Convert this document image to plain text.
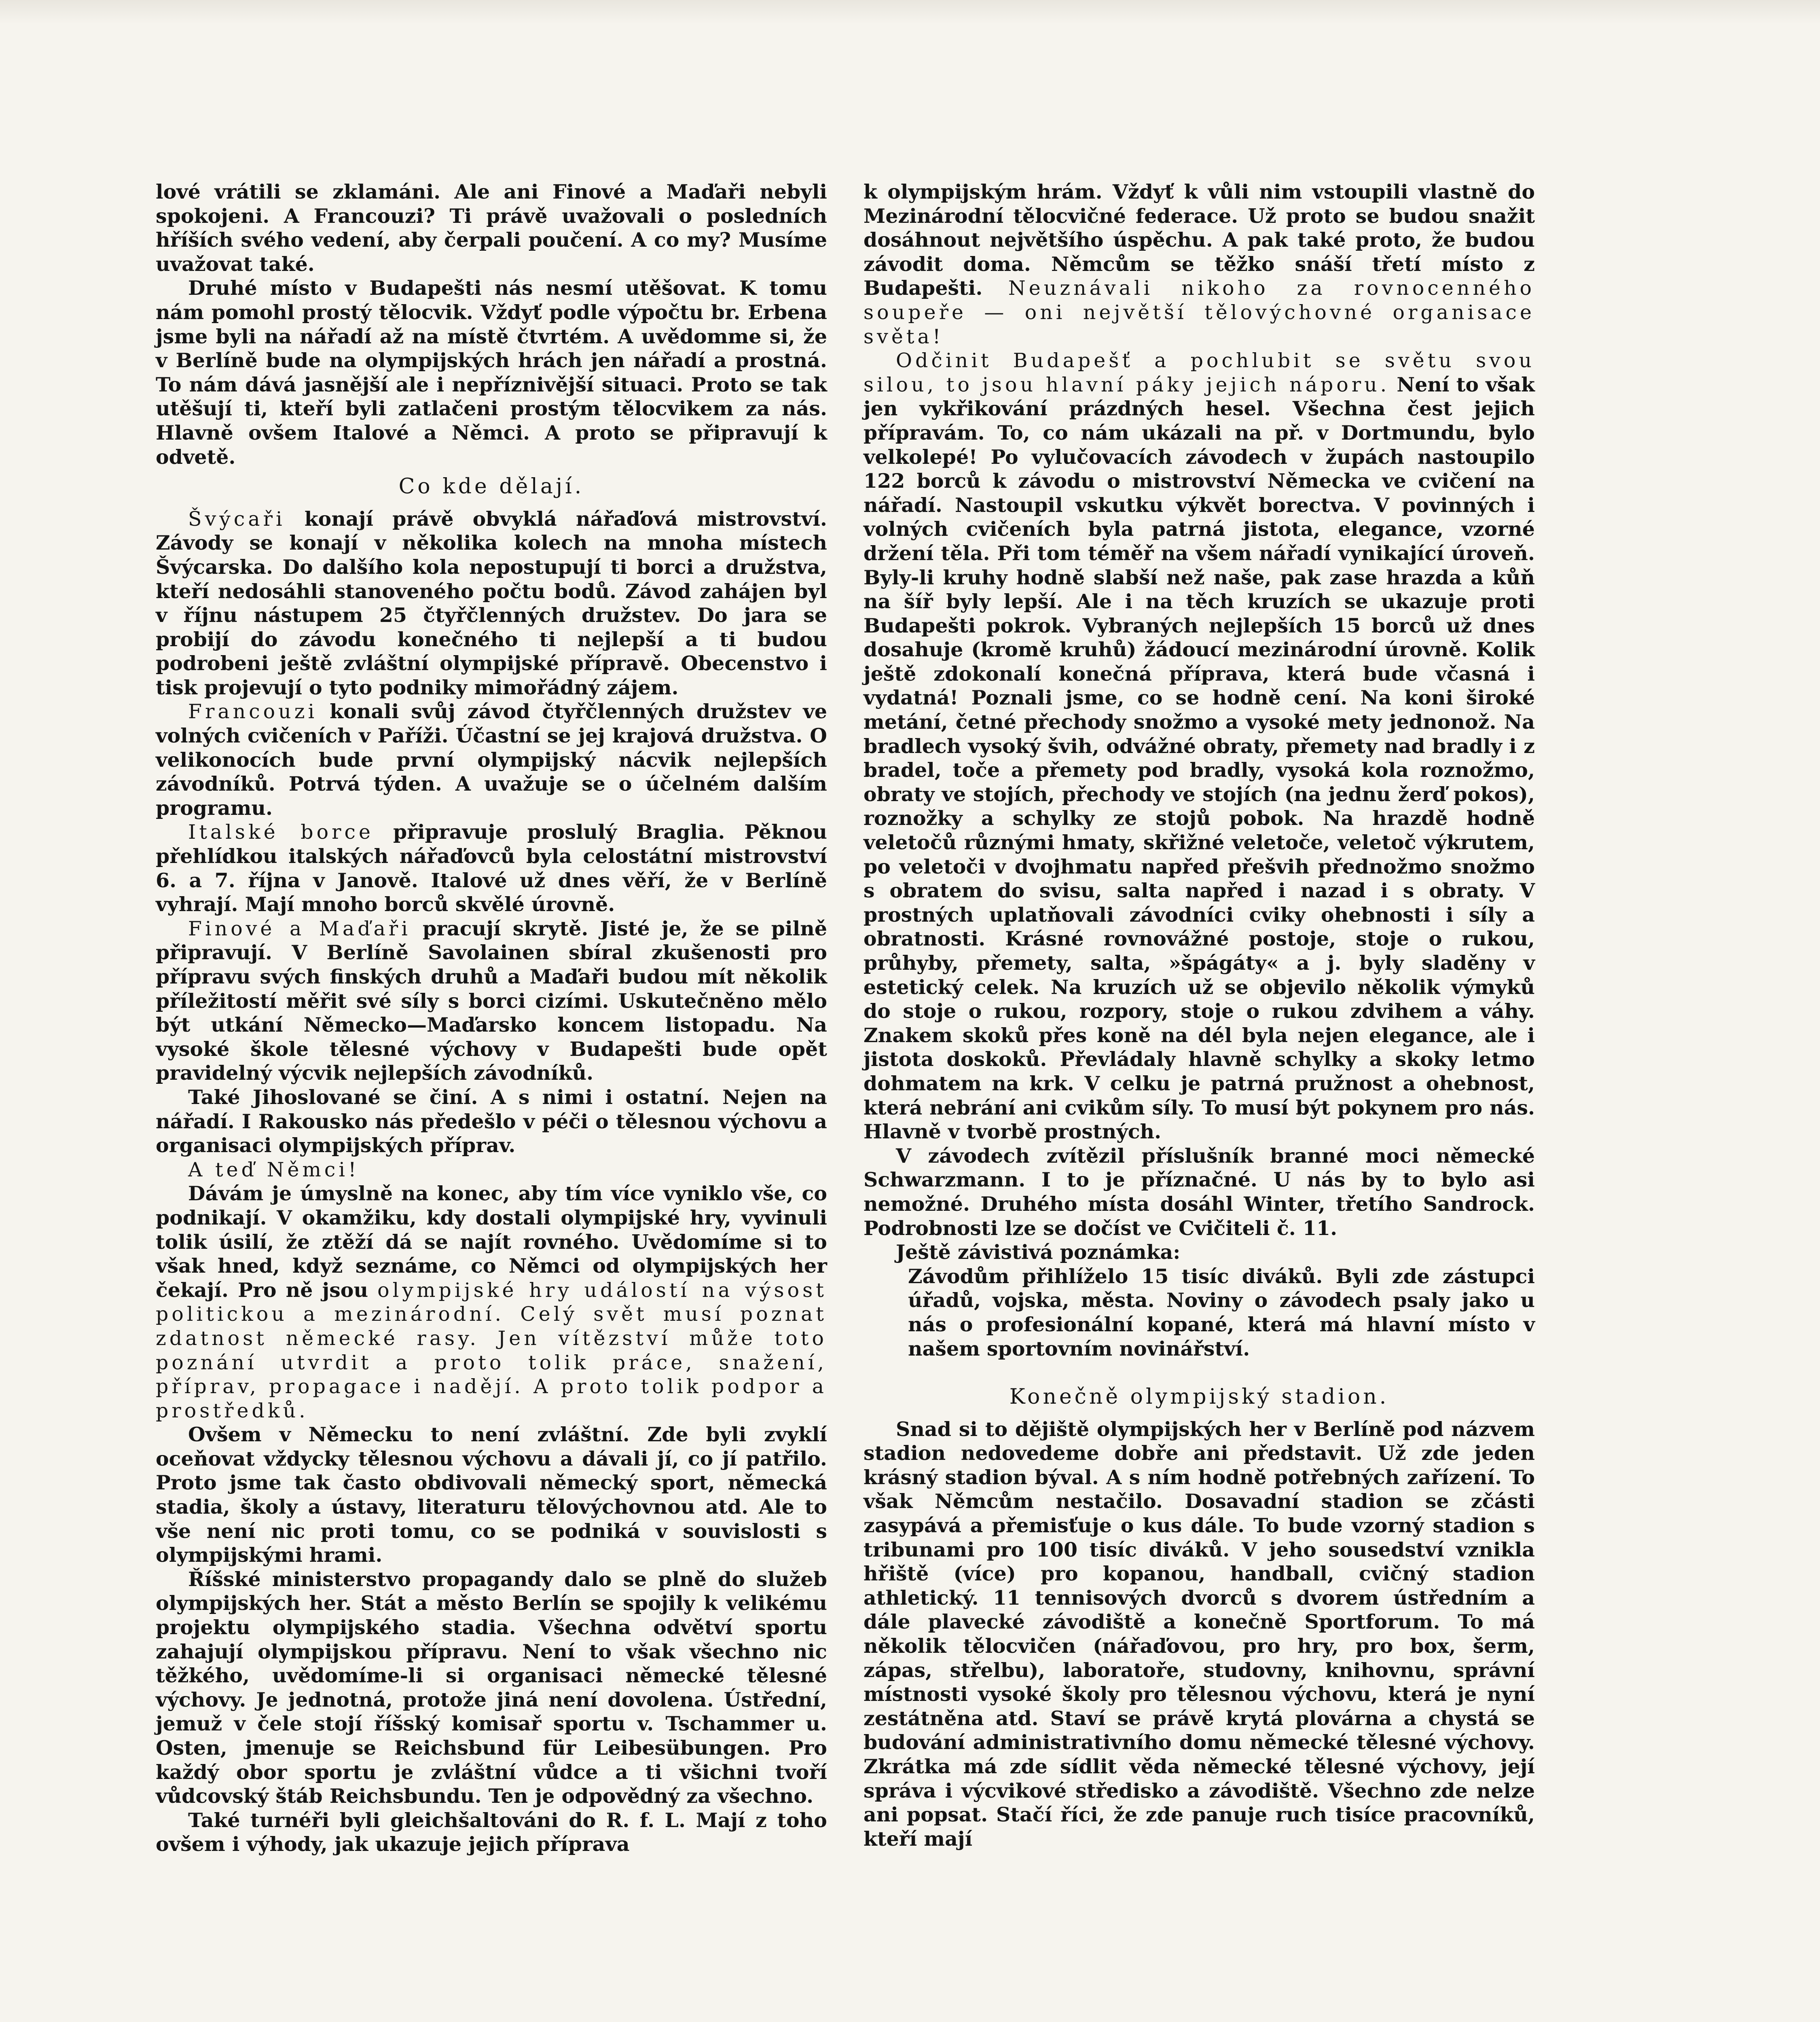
lové vrátili se zklamáni. Ale ani Finové a Maďaři nebyli spokojeni. A Francouzi? Ti právě uvažovali o posledních hříších svého vedení, aby čerpali poučení. A co my? Musíme uvažovat také.

Druhé místo v Budapešti nás nesmí utěšovat. K tomu nám pomohl prostý tělocvik. Vždyť podle výpočtu br. Erbena jsme byli na nářadí až na místě čtvrtém. A uvědomme si, že v Berlíně bude na olympijských hrách jen nářadí a prostná. To nám dává jasnější ale i nepříznivější situaci. Proto se tak utěšují ti, kteří byli zatlačeni prostým tělocvikem za nás. Hlavně ovšem Italové a Němci. A proto se připravují k odvetě.

Co kde dělají.

Švýcaři konají právě obvyklá nářaďová mistrovství. Závody se konají v několika kolech na mnoha místech Švýcarska. Do dalšího kola nepostupují ti borci a družstva, kteří nedosáhli stanoveného počtu bodů. Závod zahájen byl v říjnu nástupem 25 čtyřčlenných družstev. Do jara se probijí do závodu konečného ti nejlepší a ti budou podrobeni ještě zvláštní olympijské přípravě. Obecenstvo i tisk projevují o tyto podniky mimořádný zájem.

Francouzi konali svůj závod čtyřčlenných družstev ve volných cvičeních v Paříži. Účastní se jej krajová družstva. O velikonocích bude první olympijský nácvik nejlepších závodníků. Potrvá týden. A uvažuje se o účelném dalším programu.

Italské borce připravuje proslulý Braglia. Pěknou přehlídkou italských nářaďovců byla celostátní mistrovství 6. a 7. října v Janově. Italové už dnes věří, že v Berlíně vyhrají. Mají mnoho borců skvělé úrovně.

Finové a Maďaři pracují skrytě. Jisté je, že se pilně připravují. V Berlíně Savolainen sbíral zkušenosti pro přípravu svých finských druhů a Maďaři budou mít několik příležitostí měřit své síly s borci cizími. Uskutečněno mělo být utkání Německo—Maďarsko koncem listopadu. Na vysoké škole tělesné výchovy v Budapešti bude opět pravidelný výcvik nejlepších závodníků.

Také Jihoslované se činí. A s nimi i ostatní. Nejen na nářadí. I Rakousko nás předešlo v péči o tělesnou výchovu a organisaci olympijských příprav.

A teď Němci!

Dávám je úmyslně na konec, aby tím více vyniklo vše, co podnikají. V okamžiku, kdy dostali olympijské hry, vyvinuli tolik úsilí, že ztěží dá se najít rovného. Uvědomíme si to však hned, když seznáme, co Němci od olympijských her čekají. Pro ně jsou olympijské hry událostí na výsost politickou a mezinárodní. Celý svět musí poznat zdatnost německé rasy. Jen vítězství může toto poznání utvrdit a proto tolik práce, snažení, příprav, propagace i nadějí. A proto tolik podpor a prostředků.

Ovšem v Německu to není zvláštní. Zde byli zvyklí oceňovat vždycky tělesnou výchovu a dávali jí, co jí patřilo. Proto jsme tak často obdivovali německý sport, německá stadia, školy a ústavy, literaturu tělovýchovnou atd. Ale to vše není nic proti tomu, co se podniká v souvislosti s olympijskými hrami.

Říšské ministerstvo propagandy dalo se plně do služeb olympijských her. Stát a město Berlín se spojily k velikému projektu olympijského stadia. Všechna odvětví sportu zahajují olympijskou přípravu. Není to však všechno nic těžkého, uvědomíme-li si organisaci německé tělesné výchovy. Je jednotná, protože jiná není dovolena. Ústřední, jemuž v čele stojí říšský komisař sportu v. Tschammer u. Osten, jmenuje se Reichsbund für Leibesübungen. Pro každý obor sportu je zvláštní vůdce a ti všichni tvoří vůdcovský štáb Reichsbundu. Ten je odpovědný za všechno.

Také turnéři byli gleichšaltováni do R. f. L. Mají z toho ovšem i výhody, jak ukazuje jejich příprava

k olympijským hrám. Vždyť k vůli nim vstoupili vlastně do Mezinárodní tělocvičné federace. Už proto se budou snažit dosáhnout největšího úspěchu. A pak také proto, že budou závodit doma. Němcům se těžko snáší třetí místo z Budapešti. Neuznávali nikoho za rovnocenného soupeře — oni největší tělovýchovné organisace světa!

Odčinit Budapešť a pochlubit se světu svou silou, to jsou hlavní páky jejich náporu. Není to však jen vykřikování prázdných hesel. Všechna čest jejich přípravám. To, co nám ukázali na př. v Dortmundu, bylo velkolepé! Po vylučovacích závodech v župách nastoupilo 122 borců k závodu o mistrovství Německa ve cvičení na nářadí. Nastoupil vskutku výkvět borectva. V povinných i volných cvičeních byla patrná jistota, elegance, vzorné držení těla. Při tom téměř na všem nářadí vynikající úroveň. Byly-li kruhy hodně slabší než naše, pak zase hrazda a kůň na šíř byly lepší. Ale i na těch kruzích se ukazuje proti Budapešti pokrok. Vybraných nejlepších 15 borců už dnes dosahuje (kromě kruhů) žádoucí mezinárodní úrovně. Kolik ještě zdokonalí konečná příprava, která bude včasná i vydatná! Poznali jsme, co se hodně cení. Na koni široké metání, četné přechody snožmo a vysoké mety jednonož. Na bradlech vysoký švih, odvážné obraty, přemety nad bradly i z bradel, toče a přemety pod bradly, vysoká kola roznožmo, obraty ve stojích, přechody ve stojích (na jednu žerď pokos), roznožky a schylky ze stojů pobok. Na hrazdě hodně veletočů různými hmaty, skřižné veletoče, veletoč výkrutem, po veletoči v dvojhmatu napřed přešvih přednožmo snožmo s obratem do svisu, salta napřed i nazad i s obraty. V prostných uplatňovali závodníci cviky ohebnosti i síly a obratnosti. Krásné rovnovážné postoje, stoje o rukou, průhyby, přemety, salta, »špágáty« a j. byly sladěny v estetický celek. Na kruzích už se objevilo několik výmyků do stoje o rukou, rozpory, stoje o rukou zdvihem a váhy. Znakem skoků přes koně na dél byla nejen elegance, ale i jistota doskoků. Převládaly hlavně schylky a skoky letmo dohmatem na krk. V celku je patrná pružnost a ohebnost, která nebrání ani cvikům síly. To musí být pokynem pro nás. Hlavně v tvorbě prostných.

V závodech zvítězil příslušník branné moci německé Schwarzmann. I to je příznačné. U nás by to bylo asi nemožné. Druhého místa dosáhl Winter, třetího Sandrock. Podrobnosti lze se dočíst ve Cvičiteli č. 11.

Ještě závistivá poznámka:

Závodům přihlíželo 15 tisíc diváků. Byli zde zástupci úřadů, vojska, města. Noviny o závodech psaly jako u nás o profesionální kopané, která má hlavní místo v našem sportovním novinářství.

Konečně olympijský stadion.

Snad si to dějiště olympijských her v Berlíně pod názvem stadion nedovedeme dobře ani představit. Už zde jeden krásný stadion býval. A s ním hodně potřebných zařízení. To však Němcům nestačilo. Dosavadní stadion se zčásti zasypává a přemisťuje o kus dále. To bude vzorný stadion s tribunami pro 100 tisíc diváků. V jeho sousedství vznikla hřiště (více) pro kopanou, handball, cvičný stadion athletický. 11 tennisových dvorců s dvorem ústředním a dále plavecké závodiště a konečně Sportforum. To má několik tělocvičen (nářaďovou, pro hry, pro box, šerm, zápas, střelbu), laboratoře, studovny, knihovnu, správní místnosti vysoké školy pro tělesnou výchovu, která je nyní zestátněna atd. Staví se právě krytá plovárna a chystá se budování administrativního domu německé tělesné výchovy. Zkrátka má zde sídlit věda německé tělesné výchovy, její správa i výcvikové středisko a závodiště. Všechno zde nelze ani popsat. Stačí říci, že zde panuje ruch tisíce pracovníků, kteří mají
